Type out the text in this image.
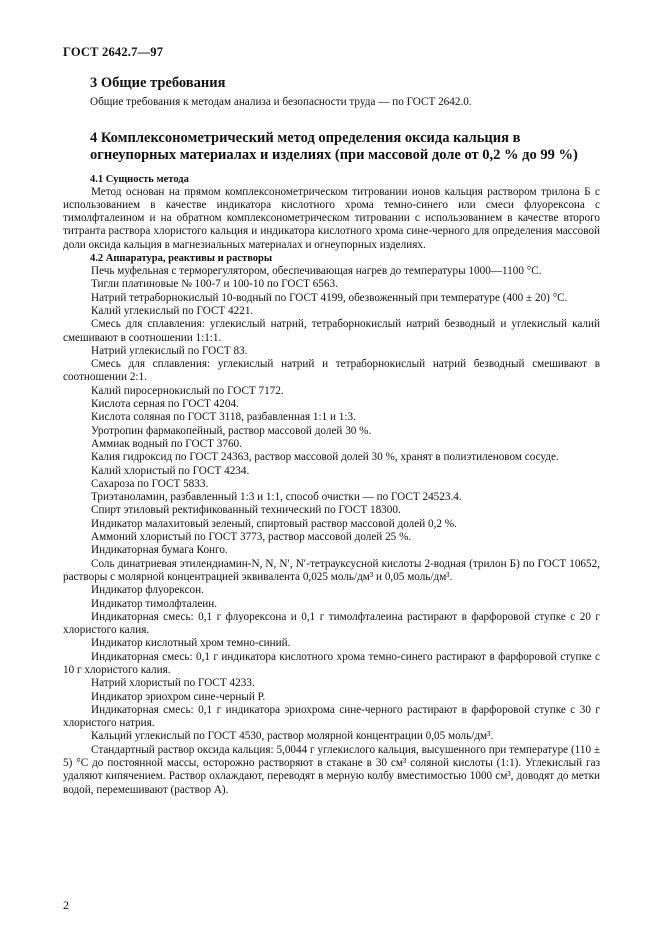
ГОСТ 2642.7—97
3 Общие требования
Общие требования к методам анализа и безопасности труда — по ГОСТ 2642.0.
4 Комплексонометрический метод определения оксида кальция в огнеупорных материалах и изделиях (при массовой доле от 0,2 % до 99 %)
4.1 Сущность метода

Метод основан на прямом комплексонометрическом титровании ионов кальция раствором трилона Б с использованием в качестве индикатора кислотного хрома темно-синего или смеси флуорексона с тимолфталеином и на обратном комплексонометрическом титровании с использованием в качестве второго титранта раствора хлористого кальция и индикатора кислотного хрома сине-черного для определения массовой доли оксида кальция в магнезиальных материалах и огнеупорных изделиях.

4.2 Аппаратура, реактивы и растворы

Печь муфельная с терморегулятором, обеспечивающая нагрев до температуры 1000—1100 °С.

Тигли платиновые № 100-7 и 100-10 по ГОСТ 6563.

Натрий тетраборнокислый 10-водный по ГОСТ 4199, обезвоженный при температуре (400 ± 20) °С.

Калий углекислый по ГОСТ 4221.

Смесь для сплавления: углекислый натрий, тетраборнокислый натрий безводный и углекислый калий смешивают в соотношении 1:1:1.

Натрий углекислый по ГОСТ 83.

Смесь для сплавления: углекислый натрий и тетраборнокислый натрий безводный смешивают в соотношении 2:1.

Калий пиросернокислый по ГОСТ 7172.

Кислота серная по ГОСТ 4204.

Кислота соляная по ГОСТ 3118, разбавленная 1:1 и 1:3.

Уротропин фармакопейный, раствор массовой долей 30 %.

Аммиак водный по ГОСТ 3760.

Калия гидроксид по ГОСТ 24363, раствор массовой долей 30 %, хранят в полиэтиленовом сосуде.

Калий хлористый по ГОСТ 4234.

Сахароза по ГОСТ 5833.

Триэтаноламин, разбавленный 1:3 и 1:1, способ очистки — по ГОСТ 24523.4.

Спирт этиловый ректификованный технический по ГОСТ 18300.

Индикатор малахитовый зеленый, спиртовый раствор массовой долей 0,2 %.

Аммоний хлористый по ГОСТ 3773, раствор массовой долей 25 %.

Индикаторная бумага Конго.

Соль динатриевая этилендиамин-N, N, N′, N′-тетрауксусной кислоты 2-водная (трилон Б) по ГОСТ 10652, растворы с молярной концентрацией эквивалента 0,025 моль/дм³ и 0,05 моль/дм³.

Индикатор флуорексон.

Индикатор тимолфталеин.

Индикаторная смесь: 0,1 г флуорексона и 0,1 г тимолфталеина растирают в фарфоровой ступке с 20 г хлористого калия.

Индикатор кислотный хром темно-синий.

Индикаторная смесь: 0,1 г индикатора кислотного хрома темно-синего растирают в фарфоровой ступке с 10 г хлористого калия.

Натрий хлористый по ГОСТ 4233.

Индикатор эриохром сине-черный Р.

Индикаторная смесь: 0,1 г индикатора эриохрома сине-черного растирают в фарфоровой ступке с 30 г хлористого натрия.

Кальций углекислый по ГОСТ 4530, раствор молярной концентрации 0,05 моль/дм³.

Стандартный раствор оксида кальция: 5,0044 г углекислого кальция, высушенного при температуре (110 ± 5) °С до постоянной массы, осторожно растворяют в стакане в 30 см³ соляной кислоты (1:1). Углекислый газ удаляют кипячением. Раствор охлаждают, переводят в мерную колбу вместимостью 1000 см³, доводят до метки водой, перемешивают (раствор А).

2
